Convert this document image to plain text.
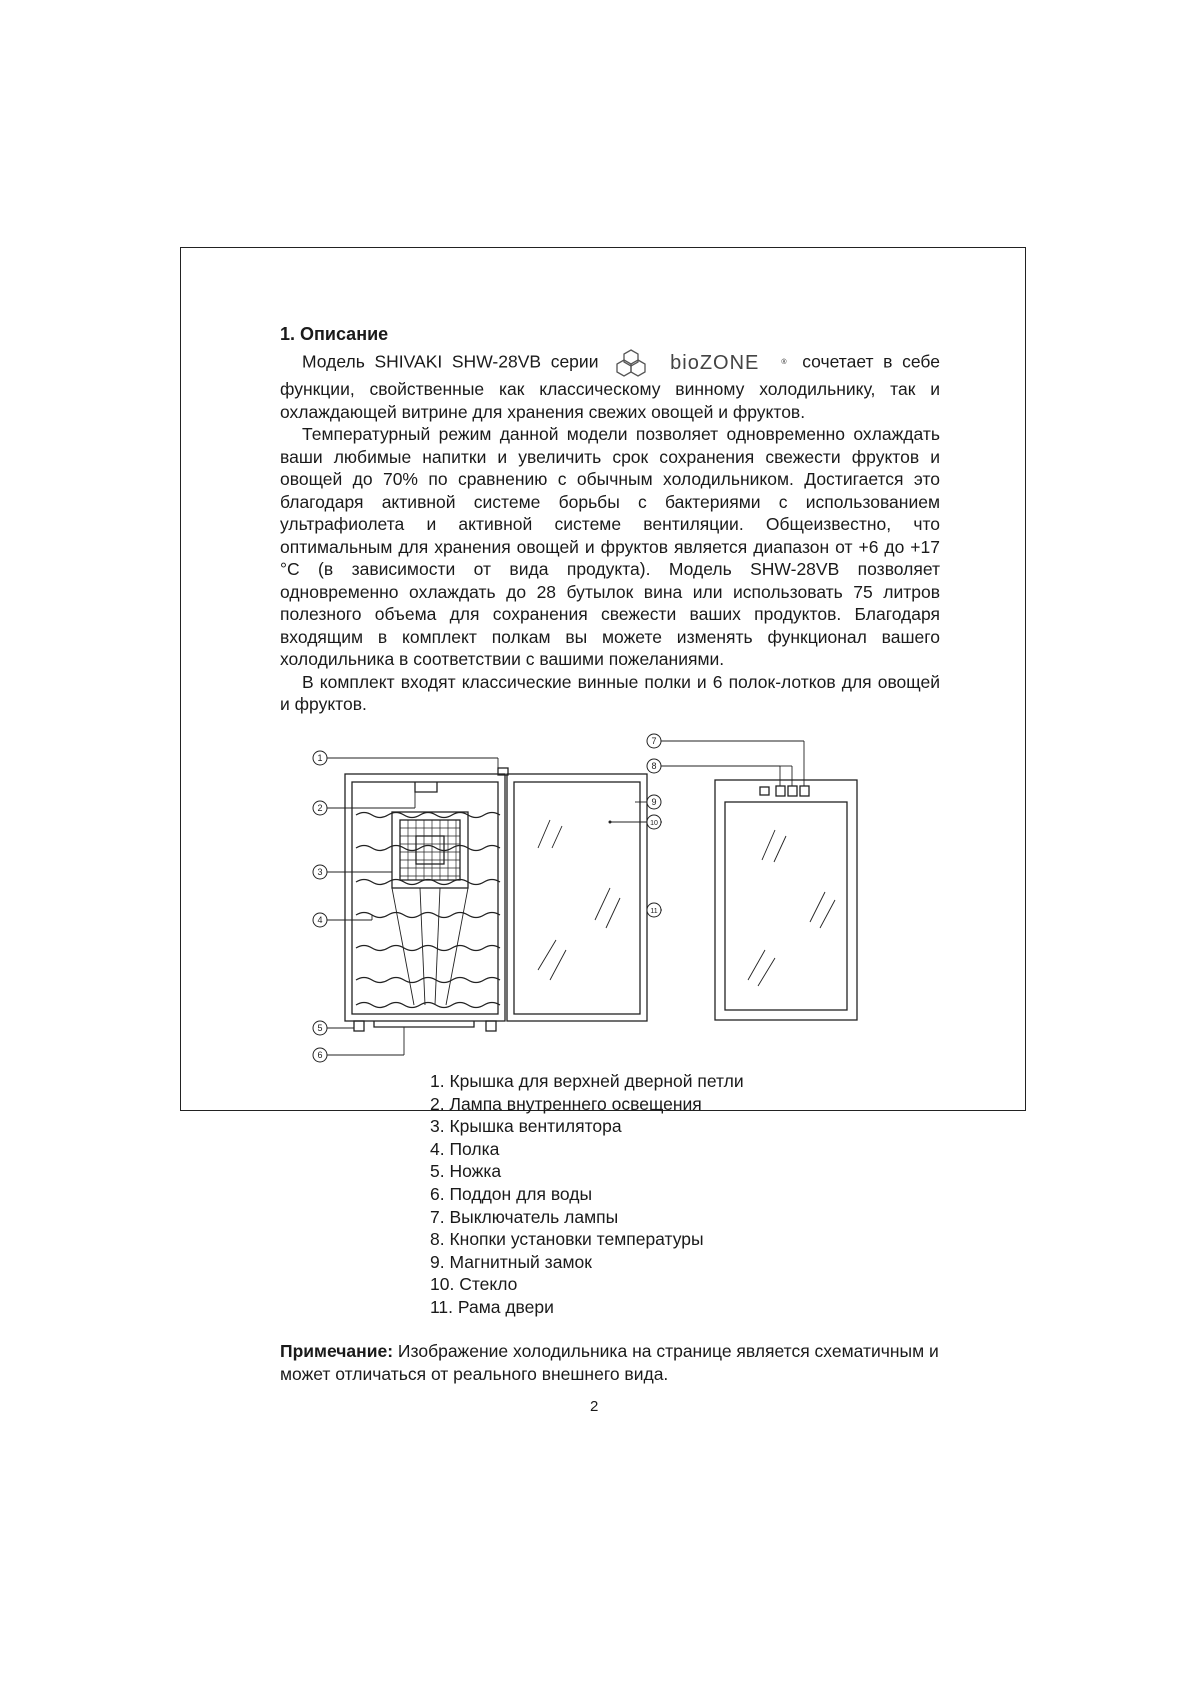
1. Описание

Модель SHIVAKI SHW-28VB серии	bioZONE	® сочетает в себе функции, свойственные как классическому винному холодильнику, так и охлаждающей витрине для хранения свежих овощей и фруктов.

Температурный режим данной модели позволяет одновременно охлаждать ваши любимые напитки и увеличить срок сохранения свежести фруктов и овощей до 70% по сравнению с обычным холодильником. Достигается это благодаря активной системе борьбы с бактериями с использованием ультрафиолета и активной системе вентиляции. Общеизвестно, что оптимальным для хранения овощей и фруктов является диапазон от +6 до +17 °C (в зависимости от вида продукта). Модель SHW-28VB позволяет одновременно охлаждать до 28 бутылок вина или использовать 75 литров полезного объема для сохранения свежести ваших продуктов. Благодаря входящим в комплект полкам вы можете изменять функционал вашего холодильника в соответствии с вашими пожеланиями.

В комплект входят классические винные полки и 6 полок-лотков для овощей и фруктов.

1
2
3
4
5
6
7
8
9
10
11
1. Крышка для верхней дверной петли
2. Лампа внутреннего освещения
3. Крышка вентилятора
4. Полка
5. Ножка
6. Поддон для воды
7. Выключатель лампы
8. Кнопки установки температуры
9. Магнитный замок
10. Стекло
11. Рама двери

Примечание: Изображение холодильника на странице является схематичным и может отличаться от реального внешнего вида.

2
